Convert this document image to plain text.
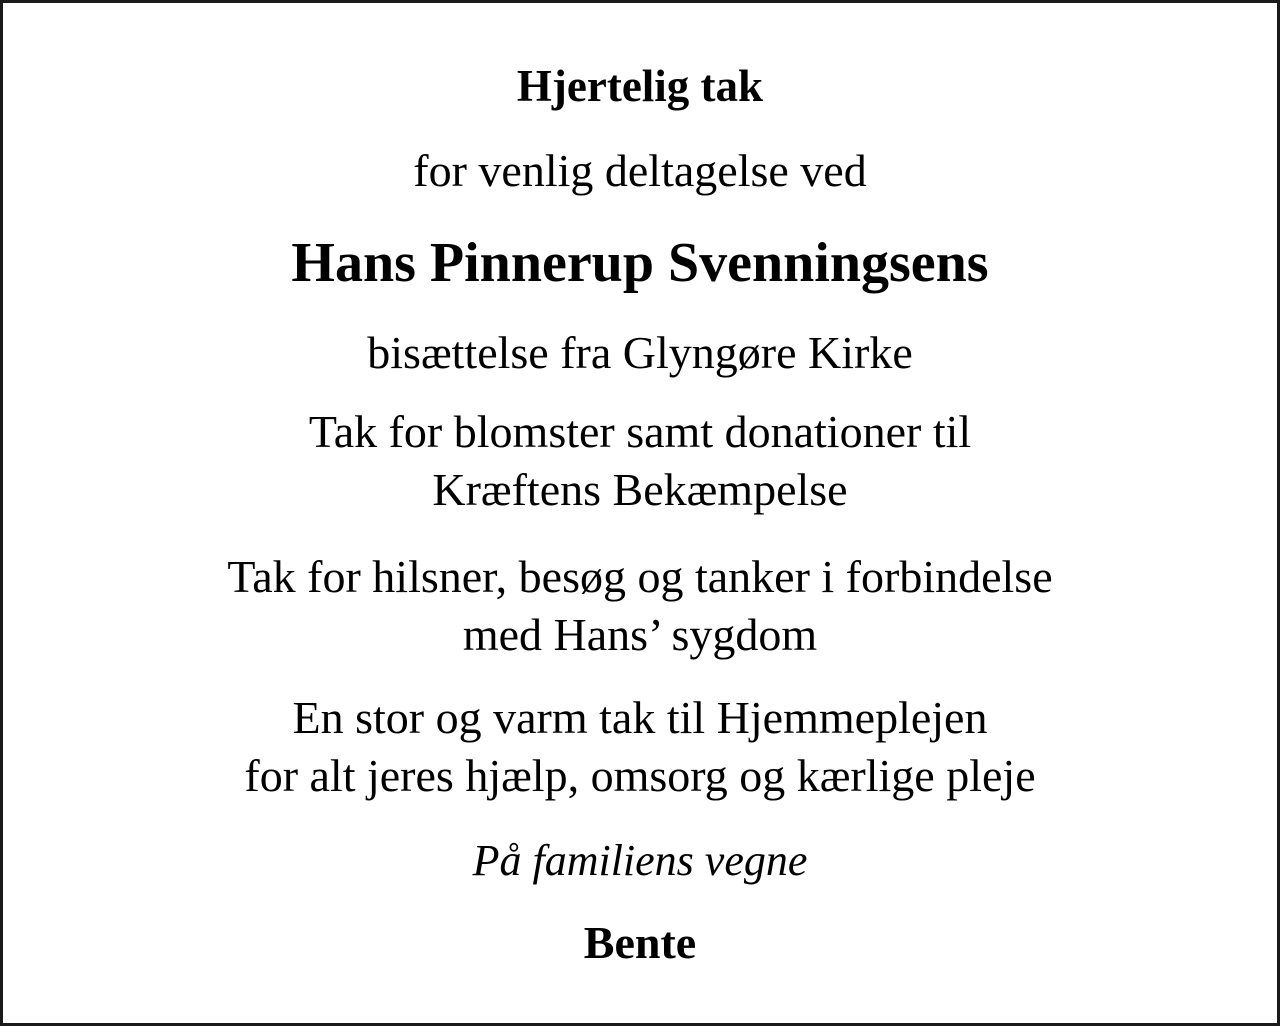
Hjertelig tak
for venlig deltagelse ved
Hans Pinnerup Svenningsens
bisættelse fra Glyngøre Kirke
Tak for blomster samt donationer til
Kræftens Bekæmpelse
Tak for hilsner, besøg og tanker i forbindelse
med Hans’ sygdom
En stor og varm tak til Hjemmeplejen
for alt jeres hjælp, omsorg og kærlige pleje
På familiens vegne
Bente
